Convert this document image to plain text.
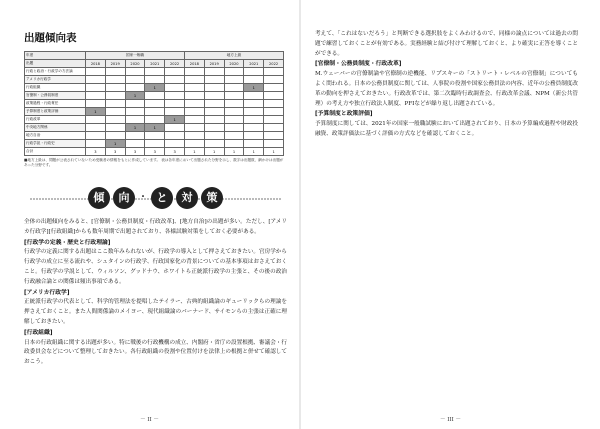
出題傾向表
年度	国家一般職					地方上級				
出題	2018	2019	2020	2021	2022	2018	2019	2020	2021	2022
行政と政治・行政学の方法論										
アメリカ行政学										
行政組織				1					1	
官僚制・公務員制度			1							
政策過程・行政責任										
予算制度と政策評価	1									
行政改革					1					
中央地方関係			1	1						
地方自治										
行政学説・行政史		1								
合計	3	3	3	3	3	1	1	1	1	1
■地方上級は、問題が公表されていないため受験者の情報をもとに作成しています。 表は各年度において出題された分野を示し、数字は出題数、網かけは出題があった分野です。
傾	向 ・ と	対	策

全体の出題傾向をみると、[官僚制・公務員制度・行政改革]、[地方自治]の出題が多い。ただし、[アメリカ行政学][行政組織]からも数年周期で出題されており、各様試験対策をしておく必要がある。

[行政学の定義・歴史と行政理論]

行政学の定義に関する出題はここ数年みられないが、行政学の導入として押さえておきたい。官房学から行政学の成立に至る流れや、シュタインの行政学、行政国家化の背景についての基本事項はおさえておくこと。行政学の学説として、ウィルソン、グッドナウ、ホワイトら正統派行政学の主張と、その後の政治行政融合論との関係は頻出事項である。

[アメリカ行政学]

正統派行政学の代表として、科学的管理法を提唱したテイラー、古典的組織論のギューリックらの理論を押さえておくこと。また人間関係論のメイヨー、現代組織論のバーナード、サイモンらの主張は正確に理解しておきたい。

[行政組織]

日本の行政組織に関する出題が多い。特に戦後の行政機構の成立、内閣府・省庁の設置根拠、審議会・行政委員会などについて整理しておきたい。各行政組織の役割や位置付けを法律上の根拠と併せて確認しておこう。

－ II －

考えて、「これはないだろう」と判断できる選択肢をよくみわけるので、同様の論点については過去の問題で練習しておくことが有効である。実務経験と結び付けて理解しておくと、より確実に正答を導くことができる。

[官僚制・公務員制度・行政改革]

M.ウェーバーの官僚制論や官僚制の逆機能、リプスキーの「ストリート・レベルの官僚制」についてもよく問われる。日本の公務員制度に関しては、人事院の役割や国家公務員法の内容、近年の公務員制度改革の動向を押さえておきたい。行政改革では、第二次臨時行政調査会、行政改革会議、NPM（新公共管理）の考え方や独立行政法人制度、PFIなどが繰り返し出題されている。

[予算制度と政策評価]

予算制度に関しては、2021年の国家一般職試験において出題されており、日本の予算編成過程や財政投融資、政策評価法に基づく評価の方式などを確認しておくこと。

－ III －
